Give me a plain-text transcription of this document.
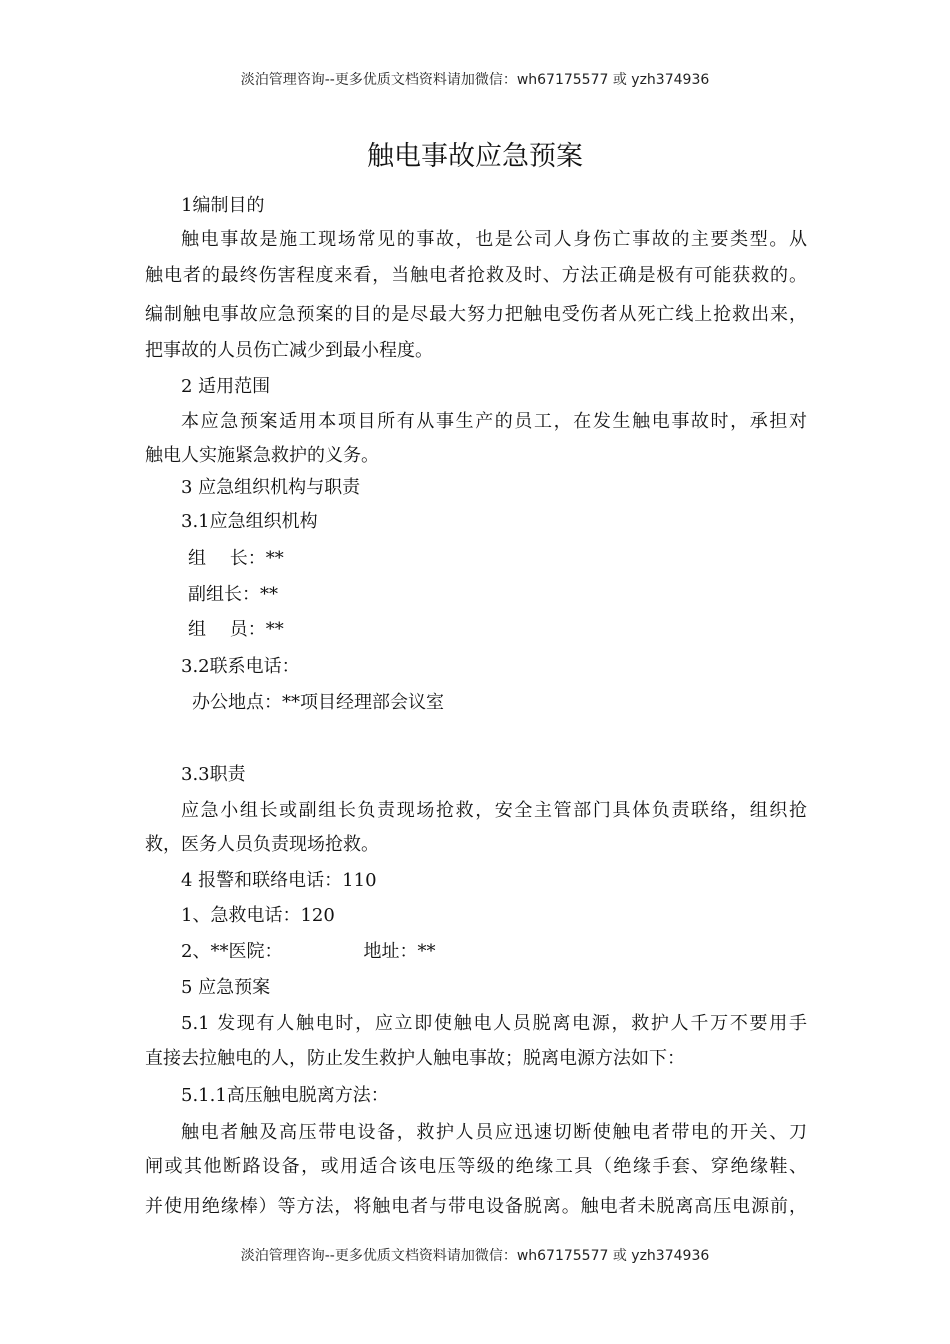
淡泊管理咨询--更多优质文档资料请加微信：wh67175577 或 yzh374936
触电事故应急预案
1编制目的
触电事故是施工现场常见的事故，也是公司人身伤亡事故的主要类型。从
触电者的最终伤害程度来看，当触电者抢救及时、方法正确是极有可能获救的。
编制触电事故应急预案的目的是尽最大努力把触电受伤者从死亡线上抢救出来，
把事故的人员伤亡减少到最小程度。
2 适用范围
本应急预案适用本项目所有从事生产的员工，在发生触电事故时，承担对
触电人实施紧急救护的义务。
3 应急组织机构与职责
3.1应急组织机构
组　 长：**
副组长：**
组　 员：**
3.2联系电话：
办公地点：**项目经理部会议室
3.3职责
应急小组长或副组长负责现场抢救，安全主管部门具体负责联络，组织抢
救，医务人员负责现场抢救。
4 报警和联络电话：110
1、急救电话：120
2、**医院：　　　　　地址：**
5 应急预案
5.1 发现有人触电时，应立即使触电人员脱离电源，救护人千万不要用手
直接去拉触电的人，防止发生救护人触电事故；脱离电源方法如下：
5.1.1高压触电脱离方法：
触电者触及高压带电设备，救护人员应迅速切断使触电者带电的开关、刀
闸或其他断路设备，或用适合该电压等级的绝缘工具（绝缘手套、穿绝缘鞋、
并使用绝缘棒）等方法，将触电者与带电设备脱离。触电者未脱离高压电源前，
淡泊管理咨询--更多优质文档资料请加微信：wh67175577 或 yzh374936
